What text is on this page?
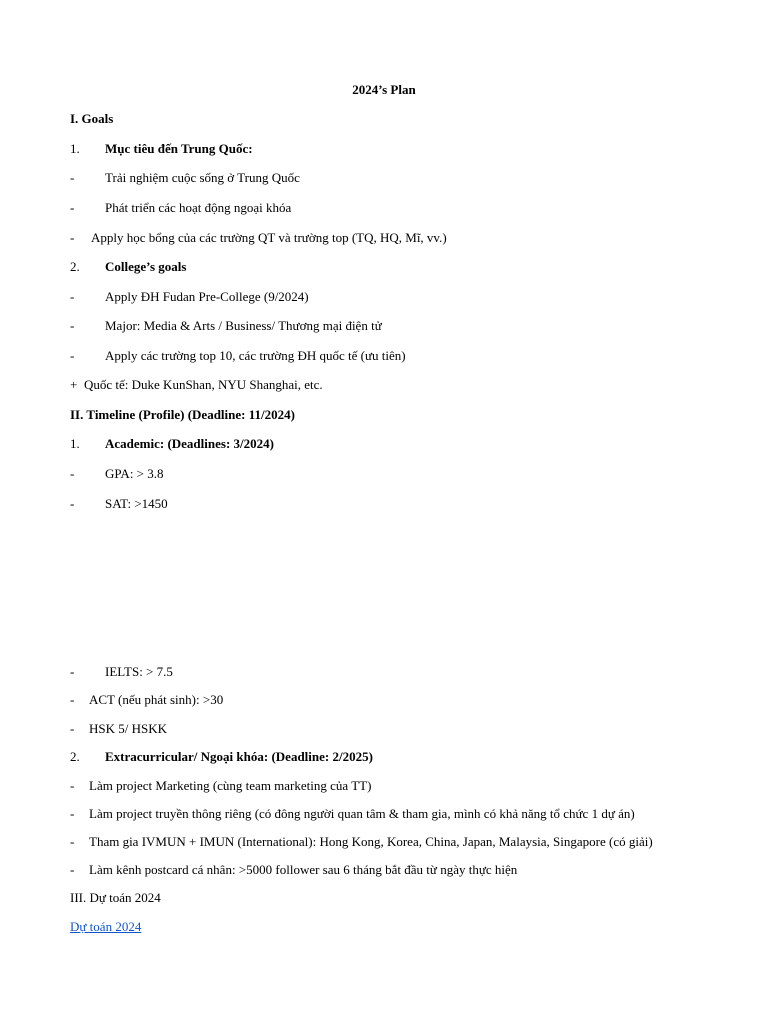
2024’s Plan
I. Goals
1. Mục tiêu đến Trung Quốc:
- Trải nghiệm cuộc sống ở Trung Quốc
- Phát triển các hoạt động ngoại khóa
- Apply học bổng của các trường QT và trường top (TQ, HQ, Mĩ, vv.)
2. College’s goals
- Apply ĐH Fudan Pre-College (9/2024)
- Major: Media & Arts / Business/ Thương mại điện tử
- Apply các trường top 10, các trường ĐH quốc tế (ưu tiên)
+ Quốc tế: Duke KunShan, NYU Shanghai, etc.
II. Timeline (Profile) (Deadline: 11/2024)
1. Academic: (Deadlines: 3/2024)
- GPA: > 3.8
- SAT: >1450
- IELTS: > 7.5
- ACT (nếu phát sinh): >30
- HSK 5/ HSKK
2. Extracurricular/ Ngoại khóa: (Deadline: 2/2025)
- Làm project Marketing (cùng team marketing của TT)
- Làm project truyền thông riêng (có đông người quan tâm & tham gia, mình có khả năng tổ chức 1 dự án)
- Tham gia IVMUN + IMUN (International): Hong Kong, Korea, China, Japan, Malaysia, Singapore (có giải)
- Làm kênh postcard cá nhân: >5000 follower sau 6 tháng bắt đầu từ ngày thực hiện
III. Dự toán 2024
Dự toán 2024
